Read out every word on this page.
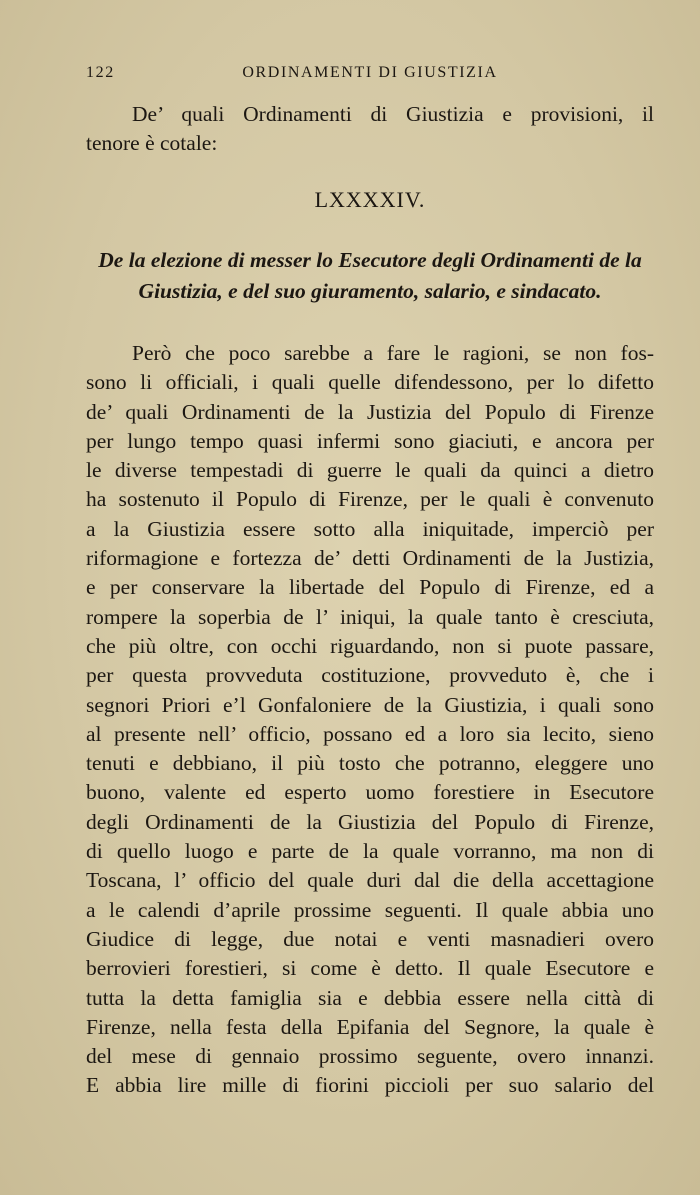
122	ORDINAMENTI DI GIUSTIZIA
De’ quali Ordinamenti di Giustizia e provisioni, il
tenore è cotale:
LXXXXIV.
De la elezione di messer lo Esecutore degli Ordinamenti de la
Giustizia, e del suo giuramento, salario, e sindacato.
Però che poco sarebbe a fare le ragioni, se non fos-
sono li officiali, i quali quelle difendessono, per lo difetto
de’ quali Ordinamenti de la Justizia del Populo di Firenze
per lungo tempo quasi infermi sono giaciuti, e ancora per
le diverse tempestadi di guerre le quali da quinci a dietro
ha sostenuto il Populo di Firenze, per le quali è convenuto
a la Giustizia essere sotto alla iniquitade, imperciò per
riformagione e fortezza de’ detti Ordinamenti de la Justizia,
e per conservare la libertade del Populo di Firenze, ed a
rompere la soperbia de l’ iniqui, la quale tanto è cresciuta,
che più oltre, con occhi riguardando, non si puote passare,
per questa provveduta costituzione, provveduto è, che i
segnori Priori e’l Gonfaloniere de la Giustizia, i quali sono
al presente nell’ officio, possano ed a loro sia lecito, sieno
tenuti e debbiano, il più tosto che potranno, eleggere uno
buono, valente ed esperto uomo forestiere in Esecutore
degli Ordinamenti de la Giustizia del Populo di Firenze,
di quello luogo e parte de la quale vorranno, ma non di
Toscana, l’ officio del quale duri dal die della accettagione
a le calendi d’aprile prossime seguenti. Il quale abbia uno
Giudice di legge, due notai e venti masnadieri overo
berrovieri forestieri, si come è detto. Il quale Esecutore e
tutta la detta famiglia sia e debbia essere nella città di
Firenze, nella festa della Epifania del Segnore, la quale è
del mese di gennaio prossimo seguente, overo innanzi.
E abbia lire mille di fiorini piccioli per suo salario del
